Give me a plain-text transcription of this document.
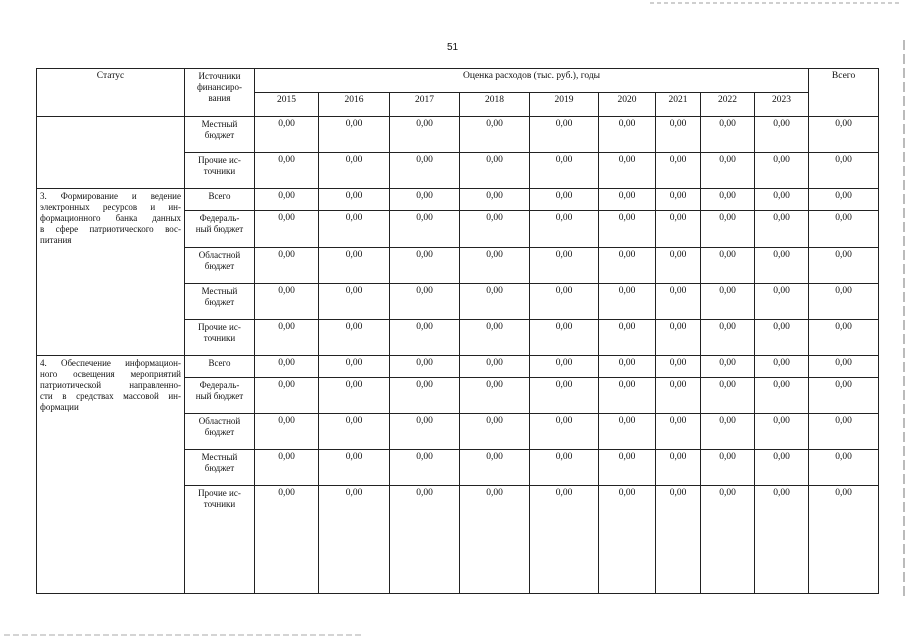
51
Статус	Источники
финансиро-
вания	Оценка расходов (тыс. руб.), годы									Всего
		2015	2016	2017	2018	2019	2020	2021	2022	2023	

	Местный
бюджет	0,00	0,00	0,00	0,00	0,00	0,00	0,00	0,00	0,00	0,00

	Прочие ис-
точники	0,00	0,00	0,00	0,00	0,00	0,00	0,00	0,00	0,00	0,00

3. Формирование и ведение
электронных ресурсов и ин-
формационного банка данных
в сфере патриотического вос-
питания	Всего	0,00	0,00	0,00	0,00	0,00	0,00	0,00	0,00	0,00	0,00

	Федераль-
ный бюджет	0,00	0,00	0,00	0,00	0,00	0,00	0,00	0,00	0,00	0,00

	Областной
бюджет	0,00	0,00	0,00	0,00	0,00	0,00	0,00	0,00	0,00	0,00

	Местный
бюджет	0,00	0,00	0,00	0,00	0,00	0,00	0,00	0,00	0,00	0,00

	Прочие ис-
точники	0,00	0,00	0,00	0,00	0,00	0,00	0,00	0,00	0,00	0,00

4. Обеспечение информацион-
ного освещения мероприятий
патриотической направленно-
сти в средствах массовой ин-
формации	Всего	0,00	0,00	0,00	0,00	0,00	0,00	0,00	0,00	0,00	0,00

	Федераль-
ный бюджет	0,00	0,00	0,00	0,00	0,00	0,00	0,00	0,00	0,00	0,00

	Областной
бюджет	0,00	0,00	0,00	0,00	0,00	0,00	0,00	0,00	0,00	0,00

	Местный
бюджет	0,00	0,00	0,00	0,00	0,00	0,00	0,00	0,00	0,00	0,00

	Прочие ис-
точники	0,00	0,00	0,00	0,00	0,00	0,00	0,00	0,00	0,00	0,00
